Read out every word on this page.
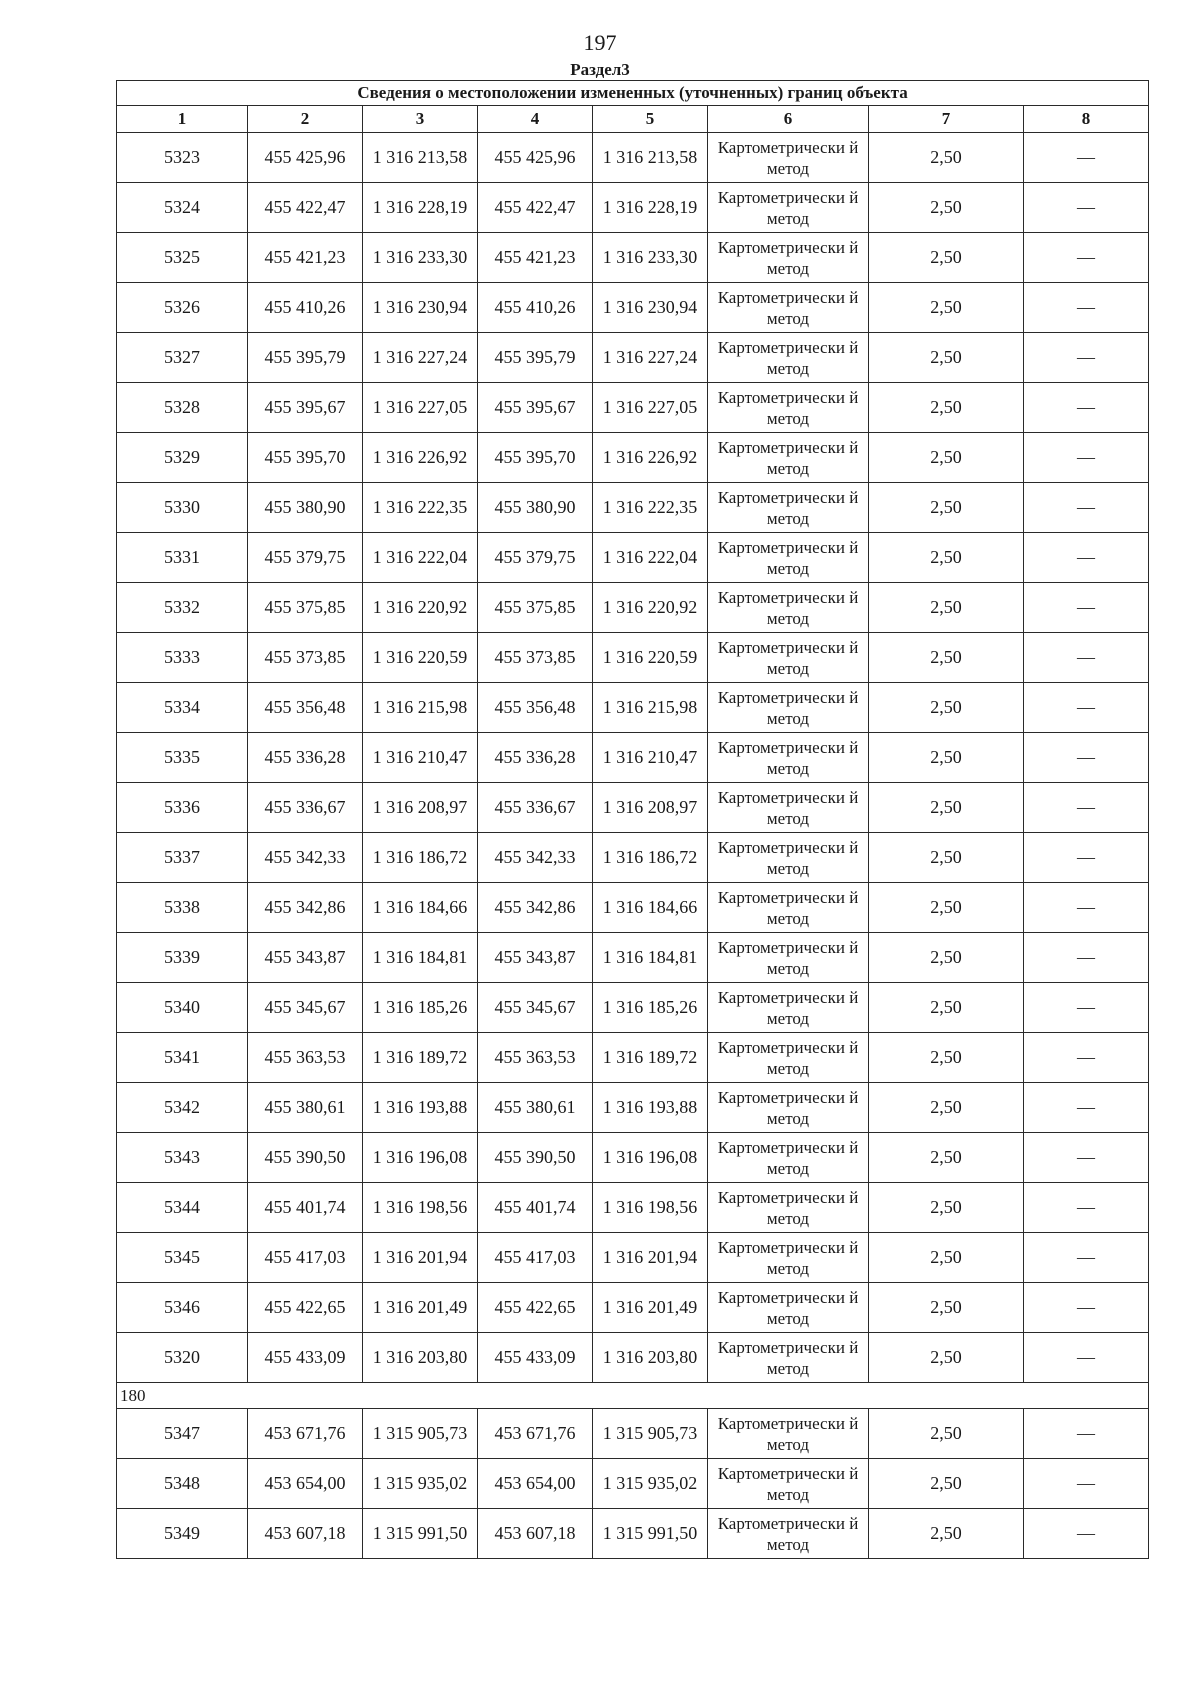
197
Раздел3
Сведения о местоположении измененных (уточненных) границ объекта							
1	2	3	4	5	6	7	8
5323	455 425,96	1 316 213,58	455 425,96	1 316 213,58	Картометрически й метод	2,50	—
5324	455 422,47	1 316 228,19	455 422,47	1 316 228,19	Картометрически й метод	2,50	—
5325	455 421,23	1 316 233,30	455 421,23	1 316 233,30	Картометрически й метод	2,50	—
5326	455 410,26	1 316 230,94	455 410,26	1 316 230,94	Картометрически й метод	2,50	—
5327	455 395,79	1 316 227,24	455 395,79	1 316 227,24	Картометрически й метод	2,50	—
5328	455 395,67	1 316 227,05	455 395,67	1 316 227,05	Картометрически й метод	2,50	—
5329	455 395,70	1 316 226,92	455 395,70	1 316 226,92	Картометрически й метод	2,50	—
5330	455 380,90	1 316 222,35	455 380,90	1 316 222,35	Картометрически й метод	2,50	—
5331	455 379,75	1 316 222,04	455 379,75	1 316 222,04	Картометрически й метод	2,50	—
5332	455 375,85	1 316 220,92	455 375,85	1 316 220,92	Картометрически й метод	2,50	—
5333	455 373,85	1 316 220,59	455 373,85	1 316 220,59	Картометрически й метод	2,50	—
5334	455 356,48	1 316 215,98	455 356,48	1 316 215,98	Картометрически й метод	2,50	—
5335	455 336,28	1 316 210,47	455 336,28	1 316 210,47	Картометрически й метод	2,50	—
5336	455 336,67	1 316 208,97	455 336,67	1 316 208,97	Картометрически й метод	2,50	—
5337	455 342,33	1 316 186,72	455 342,33	1 316 186,72	Картометрически й метод	2,50	—
5338	455 342,86	1 316 184,66	455 342,86	1 316 184,66	Картометрически й метод	2,50	—
5339	455 343,87	1 316 184,81	455 343,87	1 316 184,81	Картометрически й метод	2,50	—
5340	455 345,67	1 316 185,26	455 345,67	1 316 185,26	Картометрически й метод	2,50	—
5341	455 363,53	1 316 189,72	455 363,53	1 316 189,72	Картометрически й метод	2,50	—
5342	455 380,61	1 316 193,88	455 380,61	1 316 193,88	Картометрически й метод	2,50	—
5343	455 390,50	1 316 196,08	455 390,50	1 316 196,08	Картометрически й метод	2,50	—
5344	455 401,74	1 316 198,56	455 401,74	1 316 198,56	Картометрически й метод	2,50	—
5345	455 417,03	1 316 201,94	455 417,03	1 316 201,94	Картометрически й метод	2,50	—
5346	455 422,65	1 316 201,49	455 422,65	1 316 201,49	Картометрически й метод	2,50	—
5320	455 433,09	1 316 203,80	455 433,09	1 316 203,80	Картометрически й метод	2,50	—
180							
5347	453 671,76	1 315 905,73	453 671,76	1 315 905,73	Картометрически й метод	2,50	—
5348	453 654,00	1 315 935,02	453 654,00	1 315 935,02	Картометрически й метод	2,50	—
5349	453 607,18	1 315 991,50	453 607,18	1 315 991,50	Картометрически й метод	2,50	—
